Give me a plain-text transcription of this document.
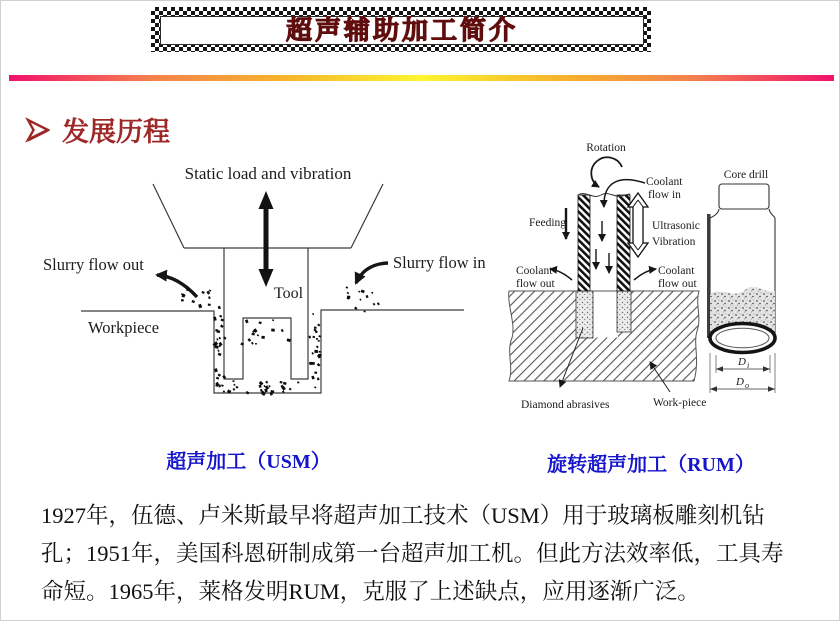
超声辅助加工简介
发展历程
Static load and vibration
Slurry flow out	Slurry flow in
Tool
Workpiece
Rotation
Coolant
flow in
Feeding	Ultrasonic
Vibration
Coolant
flow out
Coolant
flow out
Diamond abrasives	Work-piece
Core drill
D i
D o
超声加工（USM）	旋转超声加工（RUM）
1927年，伍德、卢米斯最早将超声加工技术（USM）用于玻璃板雕刻机钻
孔；1951年，美国科恩研制成第一台超声加工机。但此方法效率低，工具寿
命短。1965年，莱格发明RUM，克服了上述缺点，应用逐渐广泛。
